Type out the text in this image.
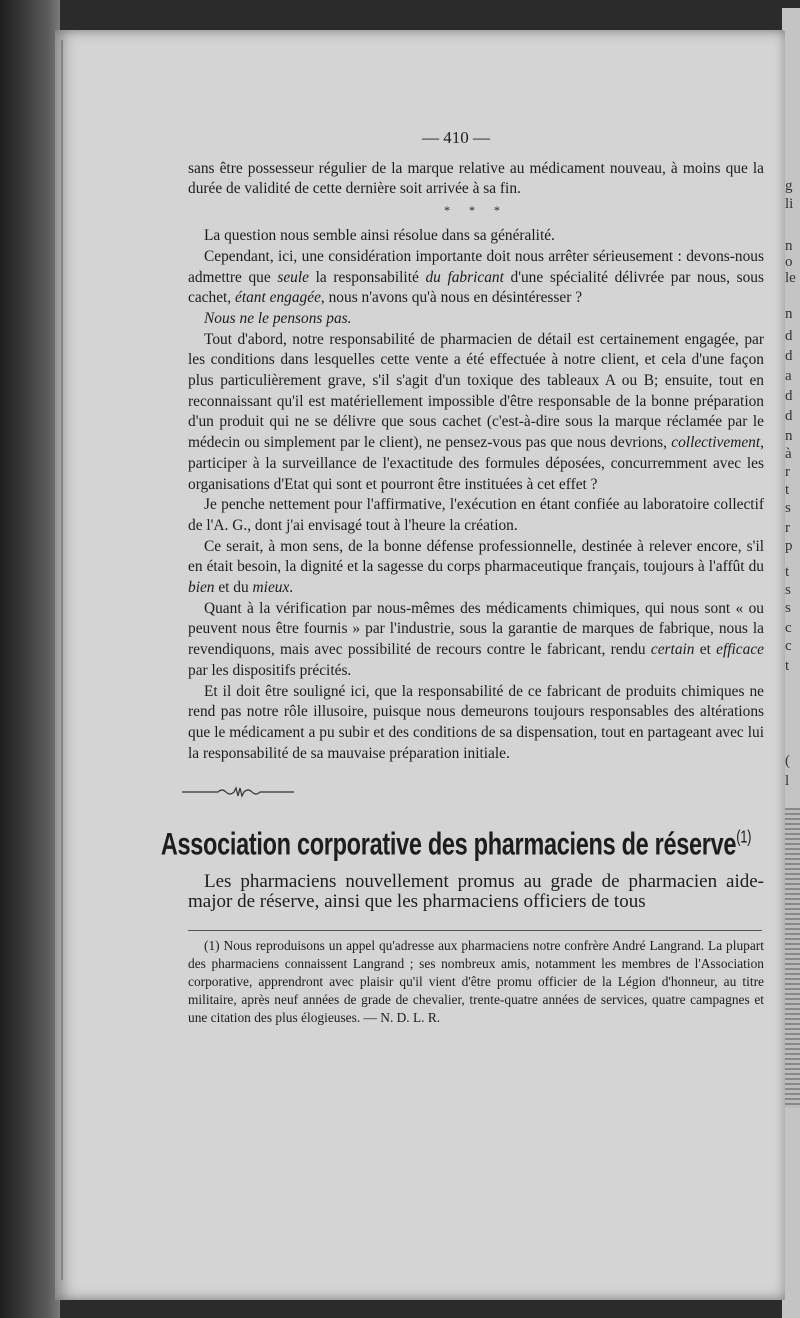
g
li
n
o
le
n
d
d
a
d
d
n
à
r
t
s
r
p
t
s
s
c
c
t
(
l
— 410 —

sans être possesseur régulier de la marque relative au médicament nouveau, à moins que la durée de validité de cette dernière soit arrivée à sa fin.

* * *

La question nous semble ainsi résolue dans sa généralité.

Cependant, ici, une considération importante doit nous arrêter sérieusement : devons-nous admettre que seule la responsabilité du fabricant d'une spécialité délivrée par nous, sous cachet, étant engagée, nous n'avons qu'à nous en désintéresser ?

Nous ne le pensons pas.

Tout d'abord, notre responsabilité de pharmacien de détail est certainement engagée, par les conditions dans lesquelles cette vente a été effectuée à notre client, et cela d'une façon plus particulièrement grave, s'il s'agit d'un toxique des tableaux A ou B; ensuite, tout en reconnaissant qu'il est matériellement impossible d'être responsable de la bonne préparation d'un produit qui ne se délivre que sous cachet (c'est-à-dire sous la marque réclamée par le médecin ou simplement par le client), ne pensez-vous pas que nous devrions, collectivement, participer à la surveillance de l'exactitude des formules déposées, concurremment avec les organisations d'Etat qui sont et pourront être instituées à cet effet ?

Je penche nettement pour l'affirmative, l'exécution en étant confiée au laboratoire collectif de l'A. G., dont j'ai envisagé tout à l'heure la création.

Ce serait, à mon sens, de la bonne défense professionnelle, destinée à relever encore, s'il en était besoin, la dignité et la sagesse du corps pharmaceutique français, toujours à l'affût du bien et du mieux.

Quant à la vérification par nous-mêmes des médicaments chimiques, qui nous sont « ou peuvent nous être fournis » par l'industrie, sous la garantie de marques de fabrique, nous la revendiquons, mais avec possibilité de recours contre le fabricant, rendu certain et efficace par les dispositifs précités.

Et il doit être souligné ici, que la responsabilité de ce fabricant de produits chimiques ne rend pas notre rôle illusoire, puisque nous demeurons toujours responsables des altérations que le médicament a pu subir et des conditions de sa dispensation, tout en partageant avec lui la responsabilité de sa mauvaise préparation initiale.

Association corporative des pharmaciens de réserve$^{(1)}$

Les pharmaciens nouvellement promus au grade de pharmacien aide-major de réserve, ainsi que les pharmaciens officiers de tous

(1) Nous reproduisons un appel qu'adresse aux pharmaciens notre confrère André Langrand. La plupart des pharmaciens connaissent Langrand ; ses nombreux amis, notamment les membres de l'Association corporative, apprendront avec plaisir qu'il vient d'être promu officier de la Légion d'honneur, au titre militaire, après neuf années de grade de chevalier, trente-quatre années de services, quatre campagnes et une citation des plus élogieuses. — N. D. L. R.
